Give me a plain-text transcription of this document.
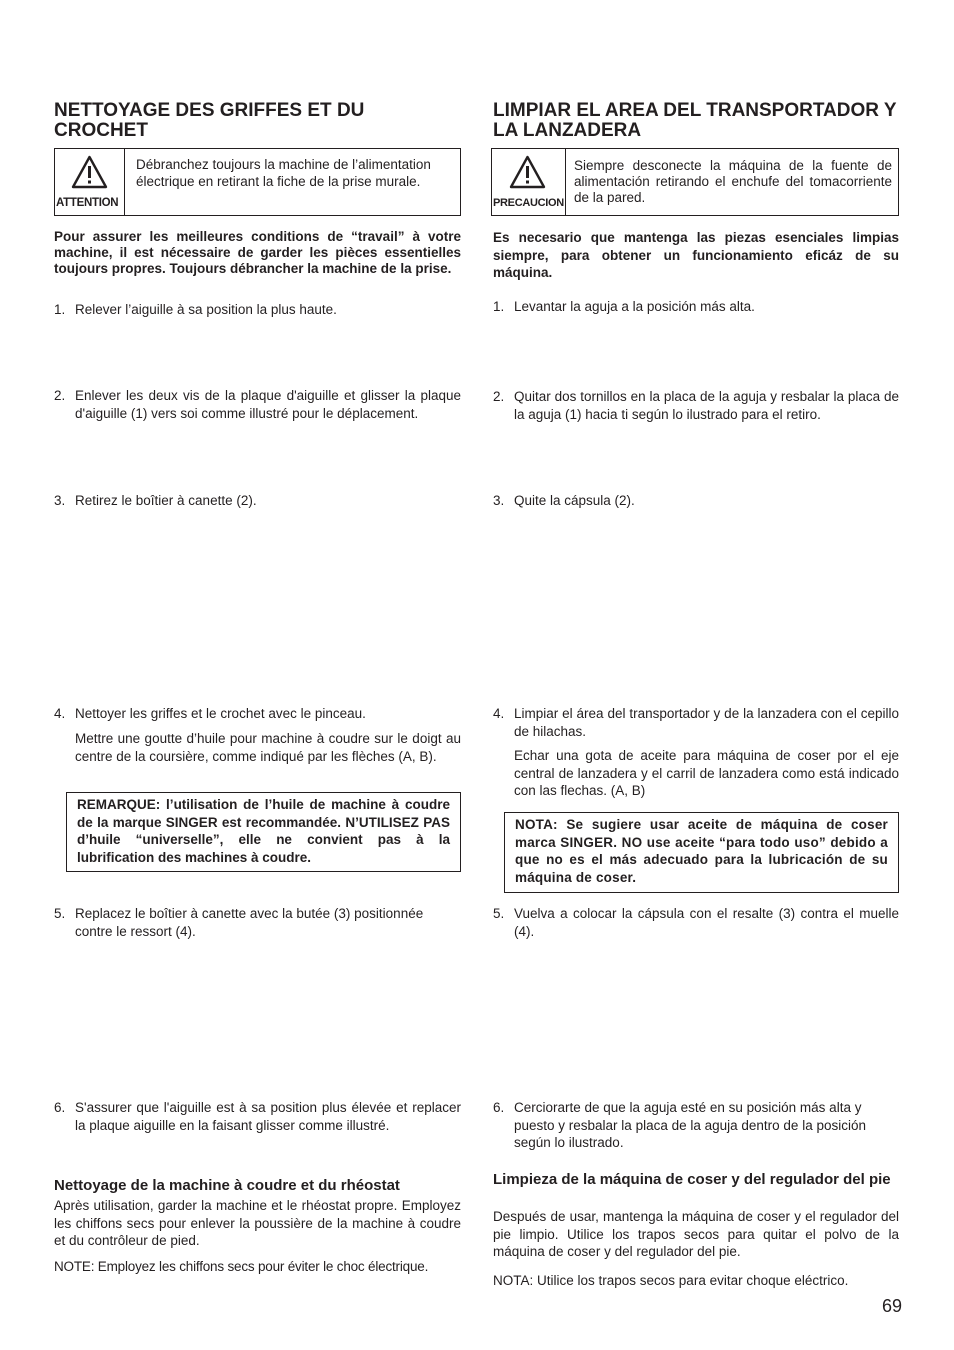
NETTOYAGE DES GRIFFES ET DU CROCHET
ATTENTION
Débranchez toujours la machine de l’alimentation électrique en retirant la fiche de la prise murale.

Pour assurer les meilleures conditions de “travail” à votre machine, il est nécessaire de garder les pièces essentielles toujours propres. Toujours débrancher la machine de la prise.

1. Relever l’aiguille à sa position la plus haute.
2. Enlever les deux vis de la plaque d'aiguille et glisser la plaque d'aiguille (1) vers soi comme illustré pour le déplacement.
3. Retirez le boîtier à canette (2).
4. Nettoyer les griffes et le crochet avec le pinceau.

Mettre une goutte d’huile pour machine à coudre sur le doigt au centre de la coursière, comme indiqué par les flèches (A, B).

REMARQUE: l’utilisation de l’huile de machine à coudre de la marque SINGER est recommandée. N’UTILISEZ PAS d’huile “universelle”, elle ne convient pas à la lubrification des machines à coudre.
5. Replacez le boîtier à canette avec la butée (3) positionnée contre le ressort (4).
6. S'assurer que l'aiguille est à sa position plus élevée et replacer la plaque aiguille en la faisant glisser comme illustré.
Nettoyage de la machine à coudre et du rhéostat

Après utilisation, garder la machine et le rhéostat propre. Employez les chiffons secs pour enlever la poussière de la machine à coudre et du contrôleur de pied.

NOTE: Employez les chiffons secs pour éviter le choc électrique.

LIMPIAR EL AREA DEL TRANSPORTADOR Y LA LANZADERA
PRECAUCION
Siempre desconecte la máquina de la fuente de alimentación retirando el enchufe del tomacorriente de la pared.

Es necesario que mantenga las piezas esenciales limpias siempre, para obtener un funcionamiento eficáz de su máquina.

1. Levantar la aguja a la posición más alta.
2. Quitar dos tornillos en la placa de la aguja y resbalar la placa de la aguja (1) hacia ti según lo ilustrado para el retiro.
3. Quite la cápsula (2).
4. Limpiar el área del transportador y de la lanzadera con el cepillo de hilachas.

Echar una gota de aceite para máquina de coser por el eje central de lanzadera y el carril de lanzadera como está indicado con las flechas. (A, B)

NOTA: Se sugiere usar aceite de máquina de coser marca SINGER. NO use aceite “para todo uso” debido a que no es el más adecuado para la lubricación de su máquina de coser.
5. Vuelva a colocar la cápsula con el resalte (3) contra el muelle (4).
6. Cerciorarte de que la aguja esté en su posición más alta y puesto y resbalar la placa de la aguja dentro de la posición según lo ilustrado.
Limpieza de la máquina de coser y del regulador del pie

Después de usar, mantenga la máquina de coser y el regulador del pie limpio. Utilice los trapos secos para quitar el polvo de la máquina de coser y del regulador del pie.

NOTA: Utilice los trapos secos para evitar choque eléctrico.

69
